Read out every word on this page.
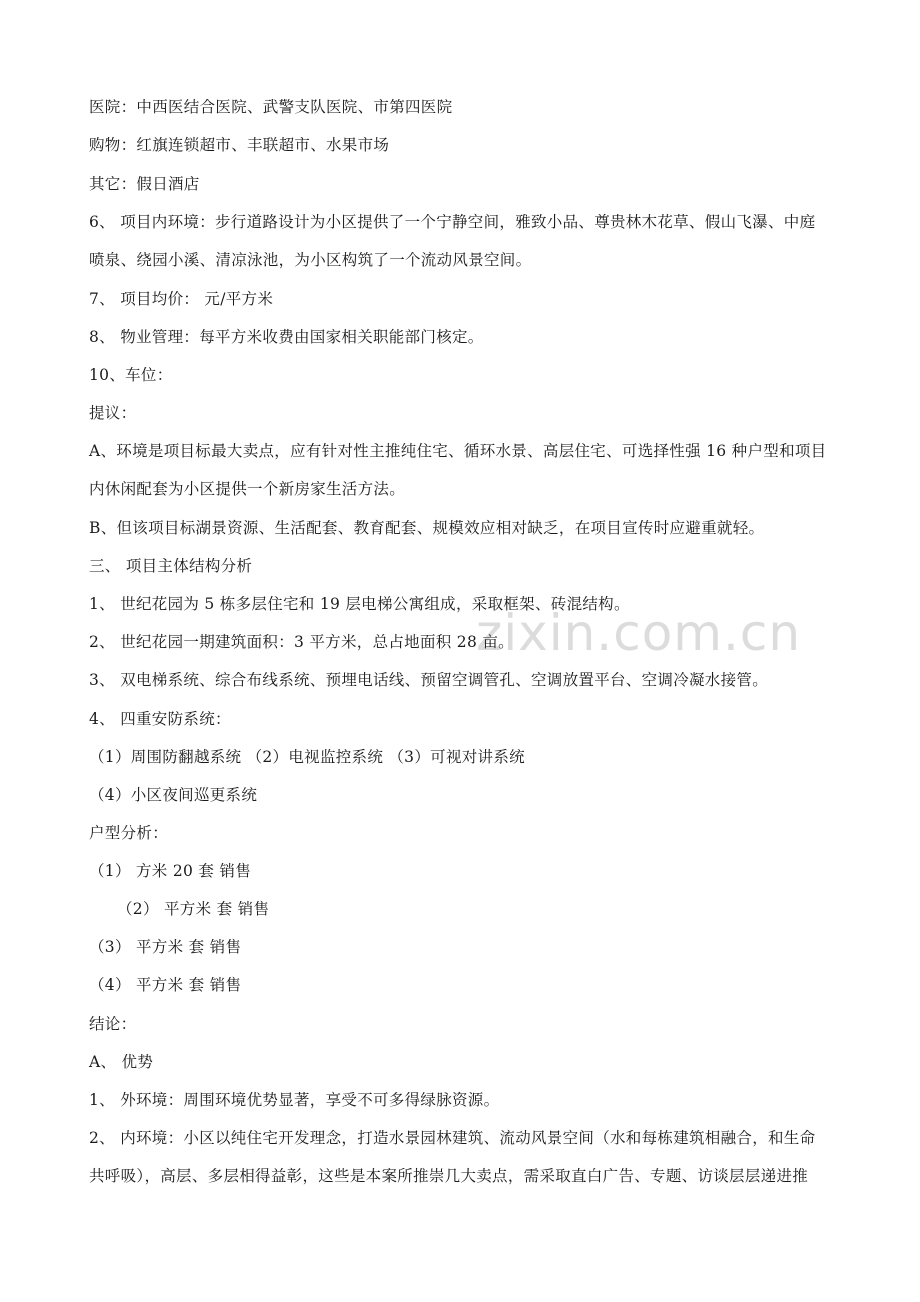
zixin.com.cn
医院：中西医结合医院、武警支队医院、市第四医院
购物：红旗连锁超市、丰联超市、水果市场
其它：假日酒店
6、 项目内环境：步行道路设计为小区提供了一个宁静空间，雅致小品、尊贵林木花草、假山飞瀑、中庭
喷泉、绕园小溪、清凉泳池，为小区构筑了一个流动风景空间。
7、 项目均价： 元/平方米
8、 物业管理：每平方米收费由国家相关职能部门核定。
10、车位：
提议：
A、环境是项目标最大卖点，应有针对性主推纯住宅、循环水景、高层住宅、可选择性强 16 种户型和项目
内休闲配套为小区提供一个新房家生活方法。
B、但该项目标湖景资源、生活配套、教育配套、规模效应相对缺乏，在项目宣传时应避重就轻。
三、 项目主体结构分析
1、 世纪花园为 5 栋多层住宅和 19 层电梯公寓组成，采取框架、砖混结构。
2、 世纪花园一期建筑面积：3 平方米，总占地面积 28 亩。
3、 双电梯系统、综合布线系统、预埋电话线、预留空调管孔、空调放置平台、空调冷凝水接管。
4、 四重安防系统：
（1）周围防翻越系统 （2）电视监控系统 （3）可视对讲系统
（4）小区夜间巡更系统
户型分析：
（1） 方米 20 套 销售
（2） 平方米 套 销售
（3） 平方米 套 销售
（4） 平方米 套 销售
结论：
A、 优势
1、 外环境：周围环境优势显著，享受不可多得绿脉资源。
2、 内环境：小区以纯住宅开发理念，打造水景园林建筑、流动风景空间（水和每栋建筑相融合，和生命
共呼吸），高层、多层相得益彰，这些是本案所推崇几大卖点，需采取直白广告、专题、访谈层层递进推
